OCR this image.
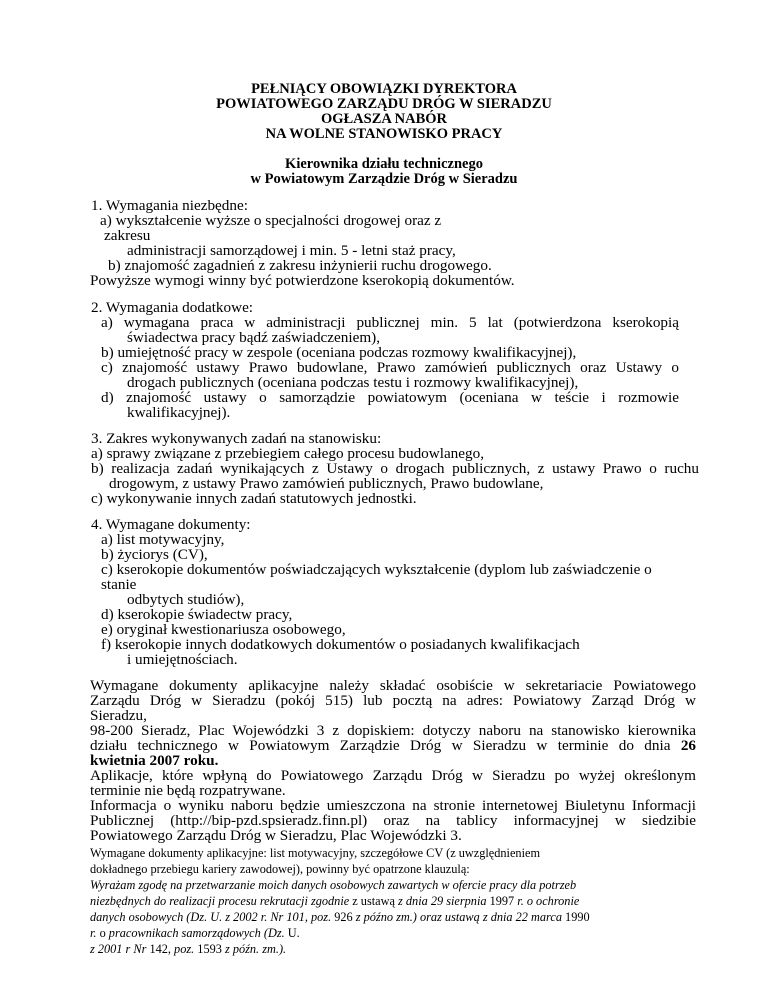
PEŁNIĄCY OBOWIĄZKI DYREKTORA
POWIATOWEGO ZARZĄDU DRÓG W SIERADZU
OGŁASZA NABÓR
NA WOLNE STANOWISKO PRACY
Kierownika działu technicznego
w Powiatowym Zarządzie Dróg w Sieradzu
1. Wymagania niezbędne:
a) wykształcenie wyższe o specjalności drogowej oraz z
zakresu
administracji samorządowej i min. 5 - letni staż pracy,
b) znajomość zagadnień z zakresu inżynierii ruchu drogowego.
Powyższe wymogi winny być potwierdzone kserokopią dokumentów.
2. Wymagania dodatkowe:
a) wymagana praca w administracji publicznej min. 5 lat (potwierdzona kserokopią
świadectwa pracy bądź zaświadczeniem),
b) umiejętność pracy w zespole (oceniana podczas rozmowy kwalifikacyjnej),
c) znajomość ustawy Prawo budowlane, Prawo zamówień publicznych oraz Ustawy o
drogach publicznych (oceniana podczas testu i rozmowy kwalifikacyjnej),
d) znajomość ustawy o samorządzie powiatowym (oceniana w teście i rozmowie
kwalifikacyjnej).
3. Zakres wykonywanych zadań na stanowisku:
a) sprawy związane z przebiegiem całego procesu budowlanego,
b) realizacja zadań wynikających z Ustawy o drogach publicznych, z ustawy Prawo o ruchu
drogowym, z ustawy Prawo zamówień publicznych, Prawo budowlane,
c) wykonywanie innych zadań statutowych jednostki.
4. Wymagane dokumenty:
a) list motywacyjny,
b) życiorys (CV),
c) kserokopie dokumentów poświadczających wykształcenie (dyplom lub zaświadczenie o
stanie
odbytych studiów),
d) kserokopie świadectw pracy,
e) oryginał kwestionariusza osobowego,
f) kserokopie innych dodatkowych dokumentów o posiadanych kwalifikacjach
i umiejętnościach.
Wymagane dokumenty aplikacyjne należy składać osobiście w sekretariacie Powiatowego
Zarządu Dróg w Sieradzu (pokój 515) lub pocztą na adres: Powiatowy Zarząd Dróg w
Sieradzu,
98-200 Sieradz, Plac Wojewódzki 3 z dopiskiem: dotyczy naboru na stanowisko kierownika
działu technicznego w Powiatowym Zarządzie Dróg w Sieradzu w terminie do dnia 26
kwietnia 2007 roku.
Aplikacje, które wpłyną do Powiatowego Zarządu Dróg w Sieradzu po wyżej określonym
terminie nie będą rozpatrywane.
Informacja o wyniku naboru będzie umieszczona na stronie internetowej Biuletynu Informacji
Publicznej (http://bip-pzd.spsieradz.finn.pl) oraz na tablicy informacyjnej w siedzibie
Powiatowego Zarządu Dróg w Sieradzu, Plac Wojewódzki 3.
Wymagane dokumenty aplikacyjne: list motywacyjny, szczegółowe CV (z uwzględnieniem
dokładnego przebiegu kariery zawodowej), powinny być opatrzone klauzulą:
Wyrażam zgodę na przetwarzanie moich danych osobowych zawartych w ofercie pracy dla potrzeb
niezbędnych do realizacji procesu rekrutacji zgodnie z ustawą z dnia 29 sierpnia 1997 r. o ochronie
danych osobowych (Dz. U. z 2002 r. Nr 101, poz. 926 z późno zm.) oraz ustawą z dnia 22 marca 1990
r. o pracownikach samorządowych (Dz. U.
z 2001 r Nr 142, poz. 1593 z późn. zm.).
